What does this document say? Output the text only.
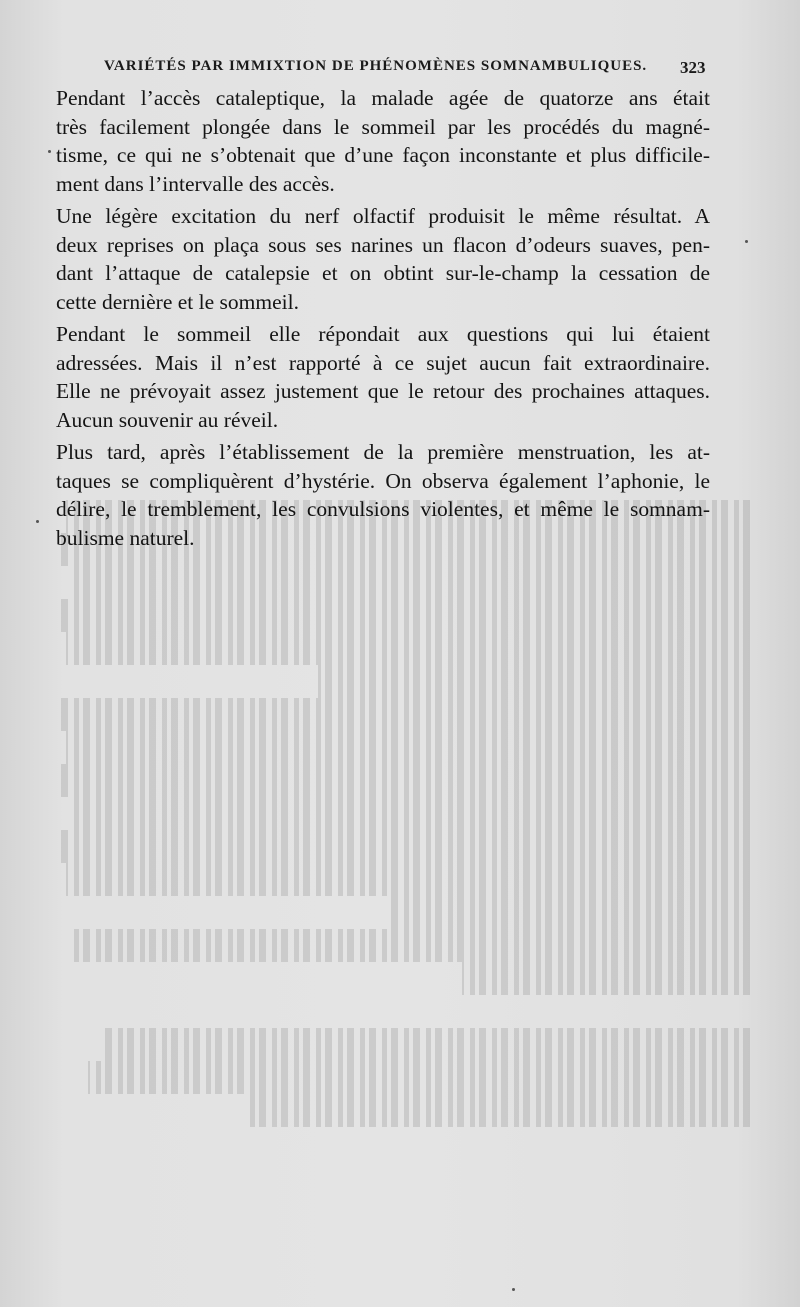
VARIÉTÉS PAR IMMIXTION DE PHÉNOMÈNES SOMNAMBULIQUES. 323

Pendant l’accès cataleptique, la malade agée de quatorze ans était
très facilement plongée dans le sommeil par les procédés du magné-
tisme, ce qui ne s’obtenait que d’une façon inconstante et plus difficile-
ment dans l’intervalle des accès.

Une légère excitation du nerf olfactif produisit le même résultat. A
deux reprises on plaça sous ses narines un flacon d’odeurs suaves, pen-
dant l’attaque de catalepsie et on obtint sur-le-champ la cessation de
cette dernière et le sommeil.

Pendant le sommeil elle répondait aux questions qui lui étaient
adressées. Mais il n’est rapporté à ce sujet aucun fait extraordinaire.
Elle ne prévoyait assez justement que le retour des prochaines attaques.
Aucun souvenir au réveil.

Plus tard, après l’établissement de la première menstruation, les at-
taques se compliquèrent d’hystérie. On observa également l’aphonie, le
délire, le tremblement, les convulsions violentes, et même le somnam-
bulisme naturel.
